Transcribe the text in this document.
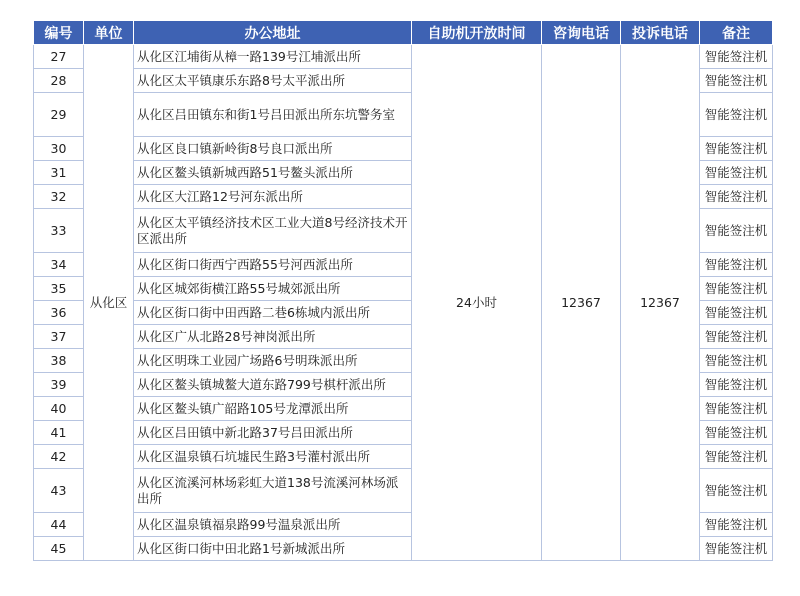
编号	单位	办公地址	自助机开放时间	咨询电话	投诉电话	备注
27	从化区	从化区江埔街从樟一路139号江埔派出所	24小时	12367	12367	智能签注机
28		从化区太平镇康乐东路8号太平派出所				智能签注机
29		从化区吕田镇东和街1号吕田派出所东坑警务室				智能签注机
30		从化区良口镇新岭街8号良口派出所				智能签注机
31		从化区鳌头镇新城西路51号鳌头派出所				智能签注机
32		从化区大江路12号河东派出所				智能签注机
33		从化区太平镇经济技术区工业大道8号经济技术开区派出所				智能签注机
34		从化区街口街西宁西路55号河西派出所				智能签注机
35		从化区城郊街横江路55号城郊派出所				智能签注机
36		从化区街口街中田西路二巷6栋城内派出所				智能签注机
37		从化区广从北路28号神岗派出所				智能签注机
38		从化区明珠工业园广场路6号明珠派出所				智能签注机
39		从化区鳌头镇城鳌大道东路799号棋杆派出所				智能签注机
40		从化区鳌头镇广韶路105号龙潭派出所				智能签注机
41		从化区吕田镇中新北路37号吕田派出所				智能签注机
42		从化区温泉镇石坑墟民生路3号灌村派出所				智能签注机
43		从化区流溪河林场彩虹大道138号流溪河林场派出所				智能签注机
44		从化区温泉镇福泉路99号温泉派出所				智能签注机
45		从化区街口街中田北路1号新城派出所				智能签注机
